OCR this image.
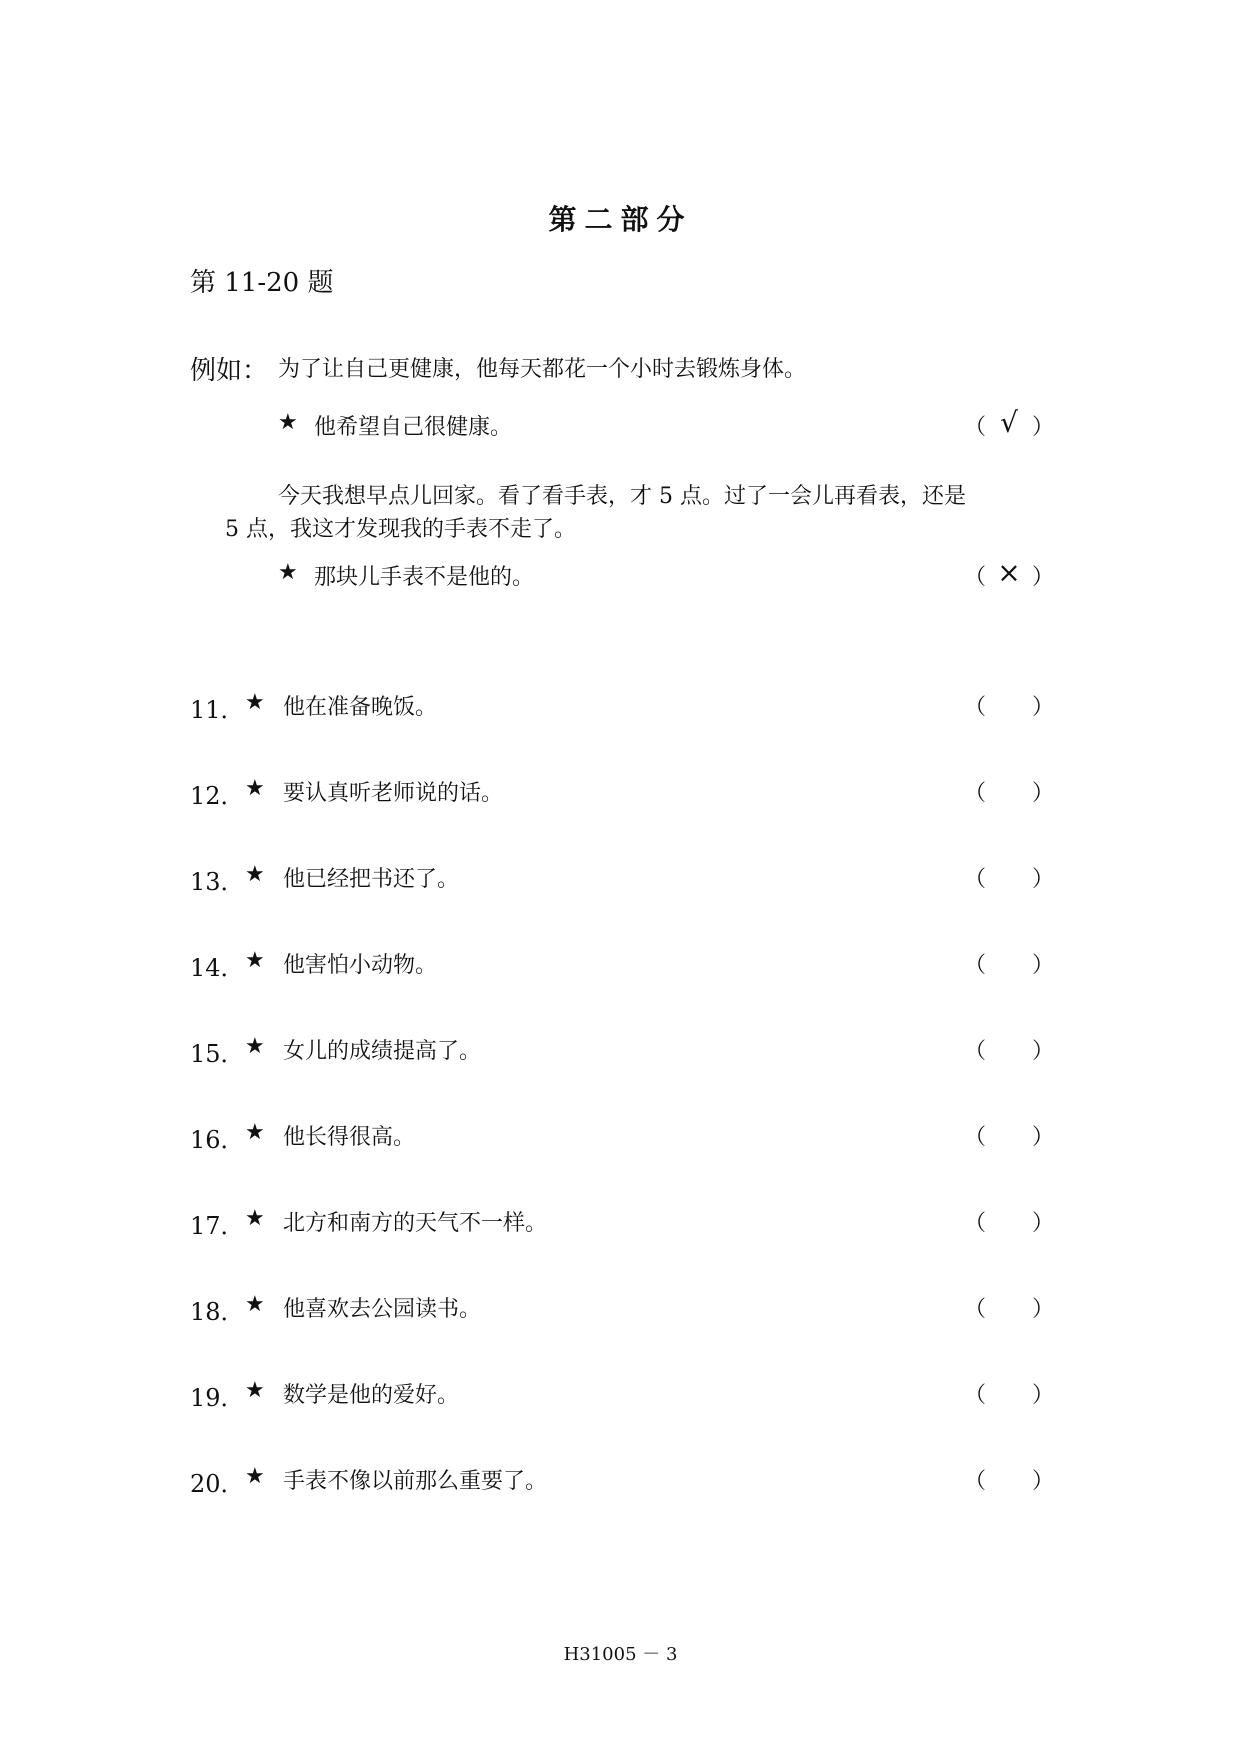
第二部分
第 11-20 题
例如： 为了让自己更健康，他每天都花一个小时去锻炼身体。
★ 他希望自己很健康。	（ √ ）
今天我想早点儿回家。看了看手表，才 5 点。过了一会儿再看表，还是
5 点，我这才发现我的手表不走了。
★ 那块儿手表不是他的。	（ × ）
11． ★ 他在准备晚饭。	（ ）
12． ★ 要认真听老师说的话。	（ ）
13． ★ 他已经把书还了。	（ ）
14． ★ 他害怕小动物。	（ ）
15． ★ 女儿的成绩提高了。	（ ）
16． ★ 他长得很高。	（ ）
17． ★ 北方和南方的天气不一样。	（ ）
18． ★ 他喜欢去公园读书。	（ ）
19． ★ 数学是他的爱好。	（ ）
20． ★ 手表不像以前那么重要了。	（ ）
H31005 － 3
